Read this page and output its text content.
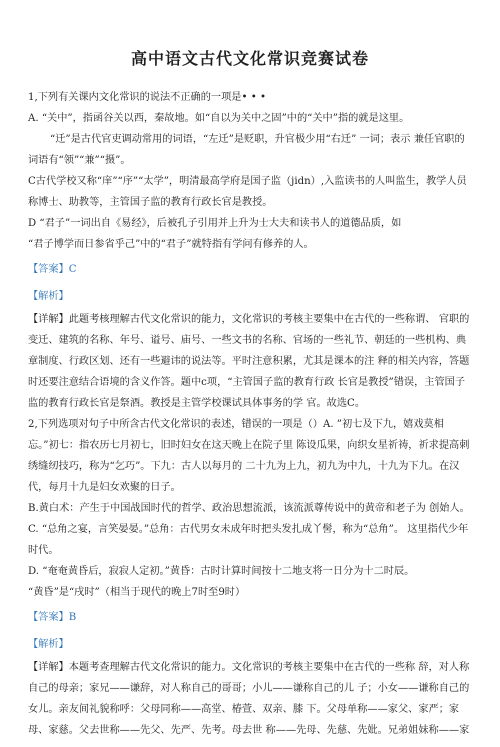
高中语文古代文化常识竞赛试卷

1,下列有关课内文化常识的说法不正确的一项是• • •

A. “关中”，指函谷关以西，秦故地。如“自以为关中之固”中的“关中”指的就是这里。

“迁”是古代官吏调动常用的词语，“左迁”是贬职，升官极少用“右迁” 一词；表示 兼任官职的词语有“领”“兼”“摄”。

C古代学校又称“庠”“序”“太学”，明清最高学府是国子监（jidn）,入监读书的人叫监生，教学人员称博士、助教等，主管国子监的教育行政长官是教授。

D “君子”一词出自《易经》，后被孔子引用并上升为士大夫和读书人的道德品质，如

“君子博学而日参省乎己”中的“君子”就特指有学问有修养的人。

【答案】C

【解析】

【详解】此题考核理解古代文化常识的能力，文化常识的考核主要集中在古代的一些称谓、 官职的变迁、建筑的名称、年号、谥号、庙号、一些文书的名称、官场的一些礼节、朝廷的一些机构、典章制度、行政区划、还有一些避讳的说法等。平时注意积累，尤其是课本的注 释的相关内容，答题时还要注意结合语境的含义作答。题中c项，“主管国子监的教育行政 长官是教授”错误，主管国子监的教育行政长官是祭酒。教授是主管学校课试具体事务的学 官。故选C。

2,下列选项对句子中所含古代文化常识的表述，错误的一项是（）A. ”初七及下九，嬉戏莫相忘。”初七：指农历七月初七，旧时妇女在这天晚上在院子里 陈设瓜果，向织女星祈祷，祈求提高刺绣缝纫技巧，称为“乞巧”。下九：古人以每月的 二十九为上九，初九为中九，十九为下九。在汉代，每月十九是妇女欢聚的日子。

B.黄白术：产生于中国战国时代的哲学、政治思想流派，该流派尊传说中的黄帝和老子为 创始人。

C. “总角之宴，言笑晏晏。”总角：古代男女未成年时把头发扎成丫髻，称为“总角”。 这里指代少年时代。

D. “奄奄黄昏后，寂寂人定初。”黄昏：古时计算时间按十二地支将一日分为十二时辰。

“黄昏”是“戌时”（相当于现代的晚上7时至9时）

【答案】B

【解析】

【详解】本题考查理解古代文化常识的能力。文化常识的考核主要集中在古代的一些称 辞，对人称自己的母亲；家兄——谦辞，对人称自己的哥哥；小儿——谦称自己的儿 子；小女——谦称自己的女儿。亲友间礼貌称呼：父母同称——高堂、椿萱、双亲、膝 下。父母单称——家父、家严；家母、家慈。父去世称——先父、先严、先考。母去世 称——先母、先慈、先妣。兄弟姐妹称——家
